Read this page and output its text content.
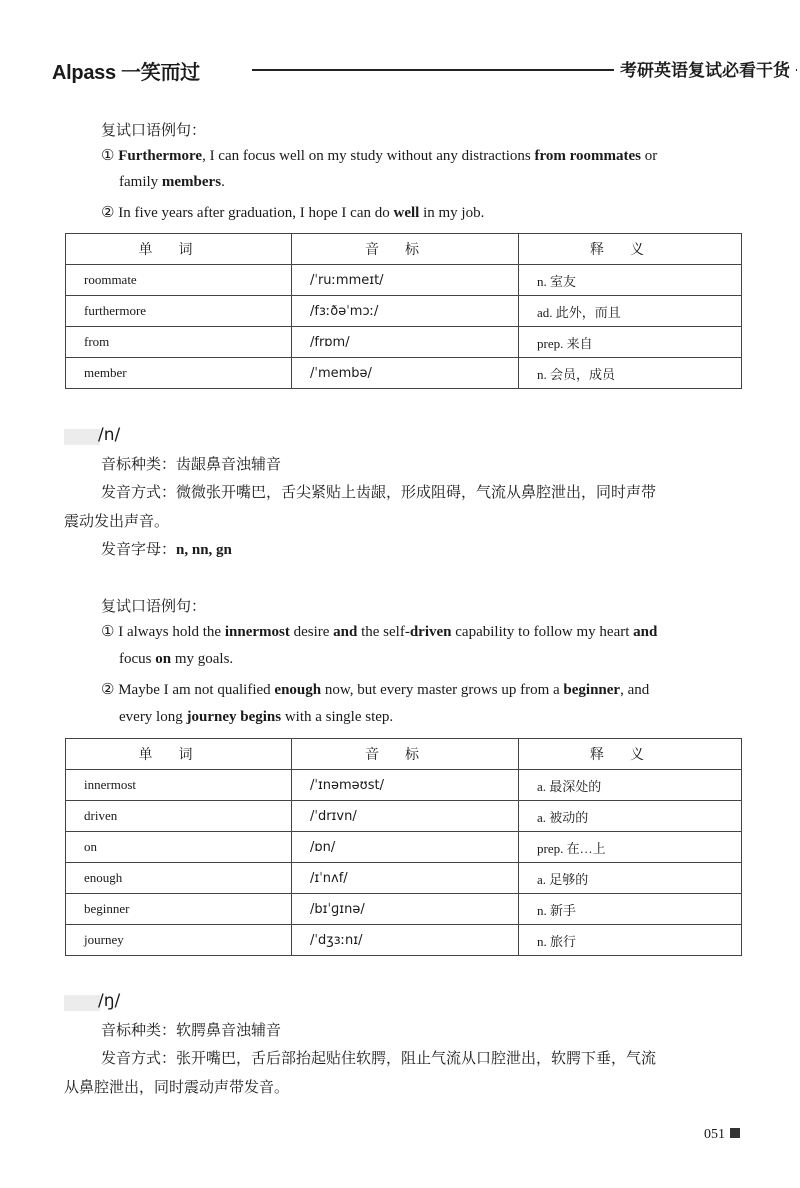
Alpass 一笑而过	考研英语复试必看干货
复试口语例句：
① Furthermore, I can focus well on my study without any distractions from roommates or
family members.
② In five years after graduation, I hope I can do well in my job.
单词	音标	释义
roommate	/ˈruːmmeɪt/	n. 室友
furthermore	/fɜːðəˈmɔː/	ad. 此外，而且
from	/frɒm/	prep. 来自
member	/ˈmembə/	n. 会员，成员
/n/
音标种类：齿龈鼻音浊辅音
发音方式：微微张开嘴巴，舌尖紧贴上齿龈，形成阻碍，气流从鼻腔泄出，同时声带
震动发出声音。
发音字母：n, nn, gn
复试口语例句：
① I always hold the innermost desire and the self-driven capability to follow my heart and
focus on my goals.
② Maybe I am not qualified enough now, but every master grows up from a beginner, and
every long journey begins with a single step.
单词	音标	释义
innermost	/ˈɪnəməʊst/	a. 最深处的
driven	/ˈdrɪvn/	a. 被动的
on	/ɒn/	prep. 在…上
enough	/ɪˈnʌf/	a. 足够的
beginner	/bɪˈɡɪnə/	n. 新手
journey	/ˈdʒɜːnɪ/	n. 旅行
/ŋ/
音标种类：软腭鼻音浊辅音
发音方式：张开嘴巴，舌后部抬起贴住软腭，阻止气流从口腔泄出，软腭下垂，气流
从鼻腔泄出，同时震动声带发音。
051
